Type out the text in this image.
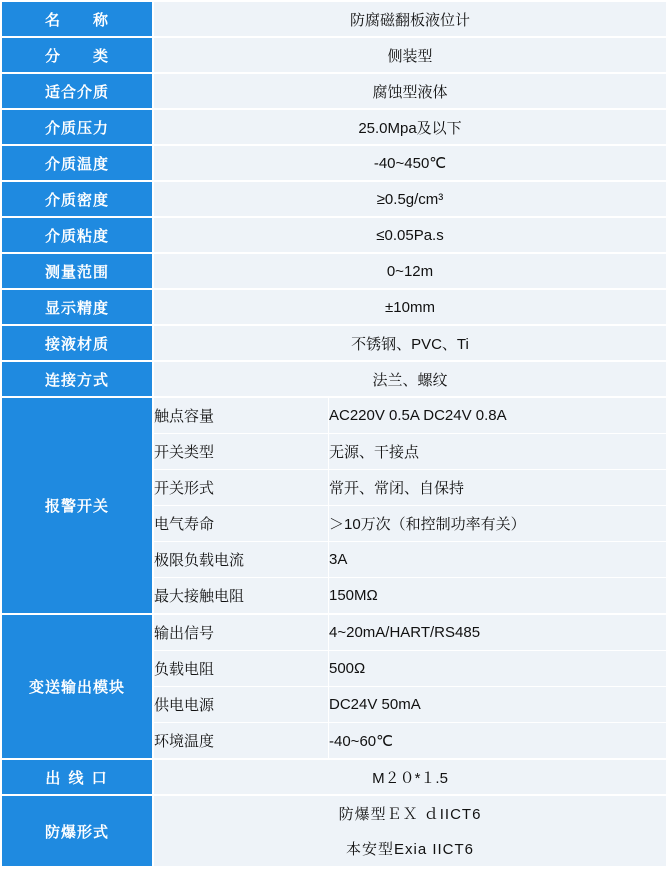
名　　称	防腐磁翻板液位计
分　　类	侧装型
适合介质	腐蚀型液体
介质压力	25.0Mpa及以下
介质温度	-40~450℃
介质密度	≥0.5g/cm³
介质粘度	≤0.05Pa.s
测量范围	0~12m
显示精度	±10mm
接液材质	不锈钢、PVC、Ti
连接方式	法兰、螺纹
报警开关	
触点容量	AC220V 0.5A DC24V 0.8A
开关类型	无源、干接点
开关形式	常开、常闭、自保持
电气寿命	＞10万次（和控制功率有关）
极限负载电流	3A
最大接触电阻	150MΩ

变送输出模块	
输出信号	4~20mA/HART/RS485
负载电阻	500Ω
供电电源	DC24V 50mA
环境温度	-40~60℃

出 线 口	M２０*１.5
防爆形式	
防爆型ＥＸ ｄIICT6
本安型Exia IICT6
